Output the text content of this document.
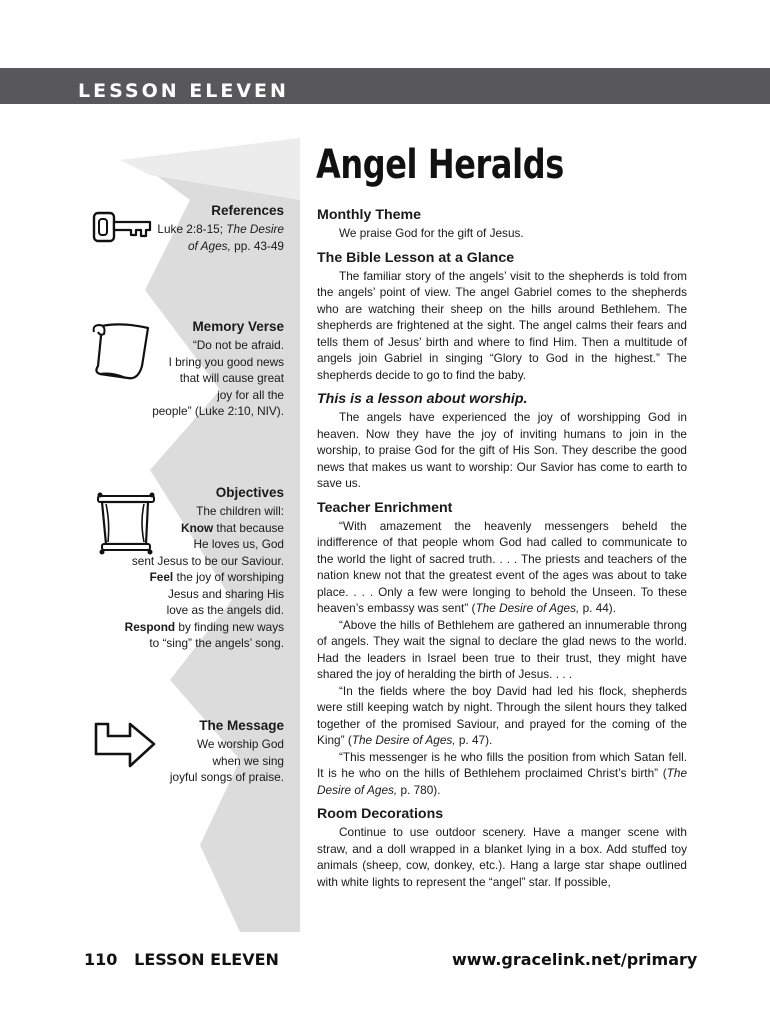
LESSON ELEVEN
Angel Heralds
References
Luke 2:8-15; The Desire
of Ages, pp. 43-49
Memory Verse
“Do not be afraid.
I bring you good news
that will cause great
joy for all the
people” (Luke 2:10, NIV).
Objectives
The children will:
Know that because
He loves us, God
sent Jesus to be our Saviour.
Feel the joy of worshiping
Jesus and sharing His
love as the angels did.
Respond by finding new ways
to “sing” the angels’ song.
The Message
We worship God
when we sing
joyful songs of praise.

Monthly Theme

We praise God for the gift of Jesus.

The Bible Lesson at a Glance

The familiar story of the angels’ visit to the shepherds is told from the angels’ point of view. The angel Gabriel comes to the shepherds who are watching their sheep on the hills around Bethlehem. The shepherds are frightened at the sight. The angel calms their fears and tells them of Jesus’ birth and where to find Him. Then a multitude of angels join Gabriel in singing “Glory to God in the highest.” The shepherds decide to go to find the baby.

This is a lesson about worship.

The angels have experienced the joy of worshipping God in heaven. Now they have the joy of inviting humans to join in the worship, to praise God for the gift of His Son. They describe the good news that makes us want to worship: Our Savior has come to earth to save us.

Teacher Enrichment

“With amazement the heavenly messengers beheld the indifference of that people whom God had called to communicate to the world the light of sacred truth. . . . The priests and teachers of the nation knew not that the greatest event of the ages was about to take place. . . . Only a few were longing to behold the Unseen. To these heaven’s embassy was sent” (The Desire of Ages, p. 44).

“Above the hills of Bethlehem are gathered an innumerable throng of angels. They wait the signal to declare the glad news to the world. Had the leaders in Israel been true to their trust, they might have shared the joy of heralding the birth of Jesus. . . .

“In the fields where the boy David had led his flock, shepherds were still keeping watch by night. Through the silent hours they talked together of the promised Saviour, and prayed for the coming of the King” (The Desire of Ages, p. 47).

“This messenger is he who fills the position from which Satan fell. It is he who on the hills of Bethlehem proclaimed Christ’s birth” (The Desire of Ages, p. 780).

Room Decorations

Continue to use outdoor scenery. Have a manger scene with straw, and a doll wrapped in a blanket lying in a box. Add stuffed toy animals (sheep, cow, donkey, etc.). Hang a large star shape outlined with white lights to represent the “angel” star. If possible,

110 LESSON ELEVEN	www.gracelink.net/primary
